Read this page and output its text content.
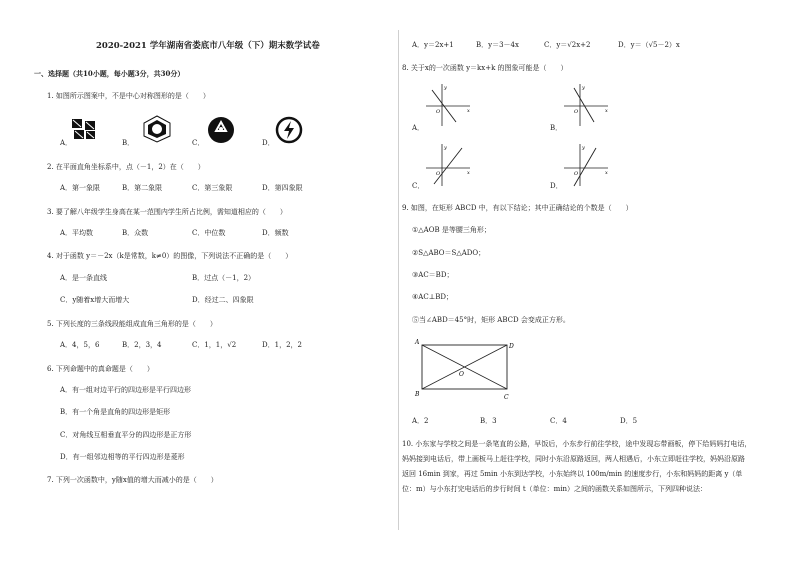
2020-2021 学年湖南省娄底市八年级（下）期末数学试卷
一、选择题（共10小题，每小题3分，共30分）
1. 如图所示图案中，不是中心对称图形的是（　　）
A．	B．	C．	D．
2. 在平面直角坐标系中，点（－1，2）在（　　）
A．第一象限	B．第二象限	C．第三象限	D．第四象限
3. 要了解八年级学生身高在某一范围内学生所占比例，需知道相应的（　　）
A．平均数	B．众数	C．中位数	D．频数
4. 对于函数 y＝－2x（k是常数，k≠0）的图像，下列说法不正确的是（　　）
A．是一条直线	B．过点（－1，2）
C．y随着x增大而增大	D．经过二、四象限
5. 下列长度的三条线段能组成直角三角形的是（　　）
A．4，5，6	B．2，3，4	C．1，1，√2	D．1，2，2
6. 下列命题中的真命题是（　　）
A．有一组对边平行的四边形是平行四边形
B．有一个角是直角的四边形是矩形
C．对角线互相垂直平分的四边形是正方形
D．有一组邻边相等的平行四边形是菱形
7. 下列一次函数中，y随x值的增大而减小的是（　　）
A．y＝2x+1	B．y＝3－4x	C．y＝√2x+2	D．y＝（√5－2）x
8. 关于x的一次函数 y＝kx+k 的图象可能是（　　）
y
x
O
A．
y
x
O
B．
y
x
O
C．
y
x
O
D．
9. 如图，在矩形 ABCD 中，有以下结论；其中正确结论的个数是（　　）
①△AOB 是等腰三角形；
②S△ABO＝S△ADO；
③AC＝BD；
④AC⊥BD；
⑤当∠ABD＝45°时，矩形 ABCD 会变成正方形。
A
D
B	C
O
A．2	B．3	C．4	D．5
10. 小东家与学校之间是一条笔直的公路，早饭后，小东步行前往学校，途中发现忘带画板，停下给妈妈打电话，
妈妈接到电话后，带上画板马上赶往学校，同时小东沿原路返回，两人相遇后，小东立即赶往学校，妈妈沿原路
返回 16min 到家，再过 5min 小东到达学校，小东始终以 100m/min 的速度步行，小东和妈妈的距离 y（单
位：m）与小东打完电话后的步行时间 t（单位：min）之间的函数关系如图所示，下列四种说法：
